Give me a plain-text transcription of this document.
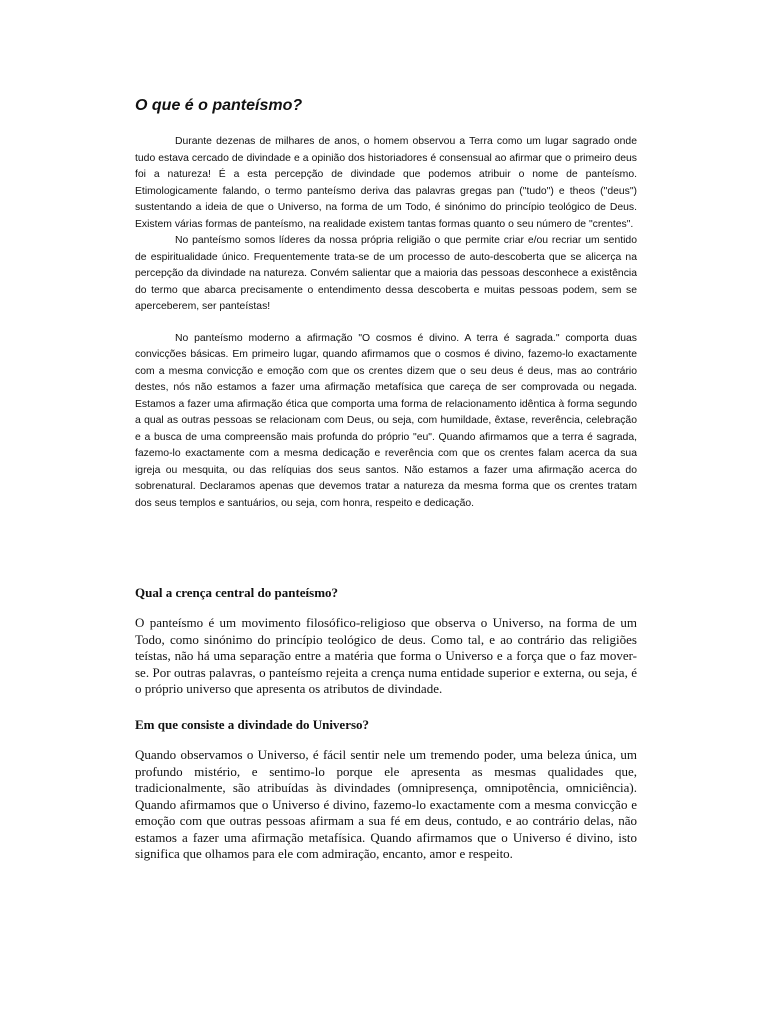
O que é o panteísmo?

Durante dezenas de milhares de anos, o homem observou a Terra como um lugar sagrado onde tudo estava cercado de divindade e a opinião dos historiadores é consensual ao afirmar que o primeiro deus foi a natureza! É a esta percepção de divindade que podemos atribuir o nome de panteísmo. Etimologicamente falando, o termo panteísmo deriva das palavras gregas pan ("tudo") e theos ("deus") sustentando a ideia de que o Universo, na forma de um Todo, é sinónimo do princípio teológico de Deus. Existem várias formas de panteísmo, na realidade existem tantas formas quanto o seu número de "crentes".

No panteísmo somos líderes da nossa própria religião o que permite criar e/ou recriar um sentido de espiritualidade único. Frequentemente trata-se de um processo de auto-descoberta que se alicerça na percepção da divindade na natureza. Convém salientar que a maioria das pessoas desconhece a existência do termo que abarca precisamente o entendimento dessa descoberta e muitas pessoas podem, sem se aperceberem, ser panteístas!

No panteísmo moderno a afirmação "O cosmos é divino. A terra é sagrada." comporta duas convicções básicas. Em primeiro lugar, quando afirmamos que o cosmos é divino, fazemo-lo exactamente com a mesma convicção e emoção com que os crentes dizem que o seu deus é deus, mas ao contrário destes, nós não estamos a fazer uma afirmação metafísica que careça de ser comprovada ou negada. Estamos a fazer uma afirmação ética que comporta uma forma de relacionamento idêntica à forma segundo a qual as outras pessoas se relacionam com Deus, ou seja, com humildade, êxtase, reverência, celebração e a busca de uma compreensão mais profunda do próprio "eu". Quando afirmamos que a terra é sagrada, fazemo-lo exactamente com a mesma dedicação e reverência com que os crentes falam acerca da sua igreja ou mesquita, ou das relíquias dos seus santos. Não estamos a fazer uma afirmação acerca do sobrenatural. Declaramos apenas que devemos tratar a natureza da mesma forma que os crentes tratam dos seus templos e santuários, ou seja, com honra, respeito e dedicação.

Qual a crença central do panteísmo?

O panteísmo é um movimento filosófico-religioso que observa o Universo, na forma de um Todo, como sinónimo do princípio teológico de deus. Como tal, e ao contrário das religiões teístas, não há uma separação entre a matéria que forma o Universo e a força que o faz mover-se. Por outras palavras, o panteísmo rejeita a crença numa entidade superior e externa, ou seja, é o próprio universo que apresenta os atributos de divindade.

Em que consiste a divindade do Universo?

Quando observamos o Universo, é fácil sentir nele um tremendo poder, uma beleza única, um profundo mistério, e sentimo-lo porque ele apresenta as mesmas qualidades que, tradicionalmente, são atribuídas às divindades (omnipresença, omnipotência, omniciência). Quando afirmamos que o Universo é divino, fazemo-lo exactamente com a mesma convicção e emoção com que outras pessoas afirmam a sua fé em deus, contudo, e ao contrário delas, não estamos a fazer uma afirmação metafísica. Quando afirmamos que o Universo é divino, isto significa que olhamos para ele com admiração, encanto, amor e respeito.
